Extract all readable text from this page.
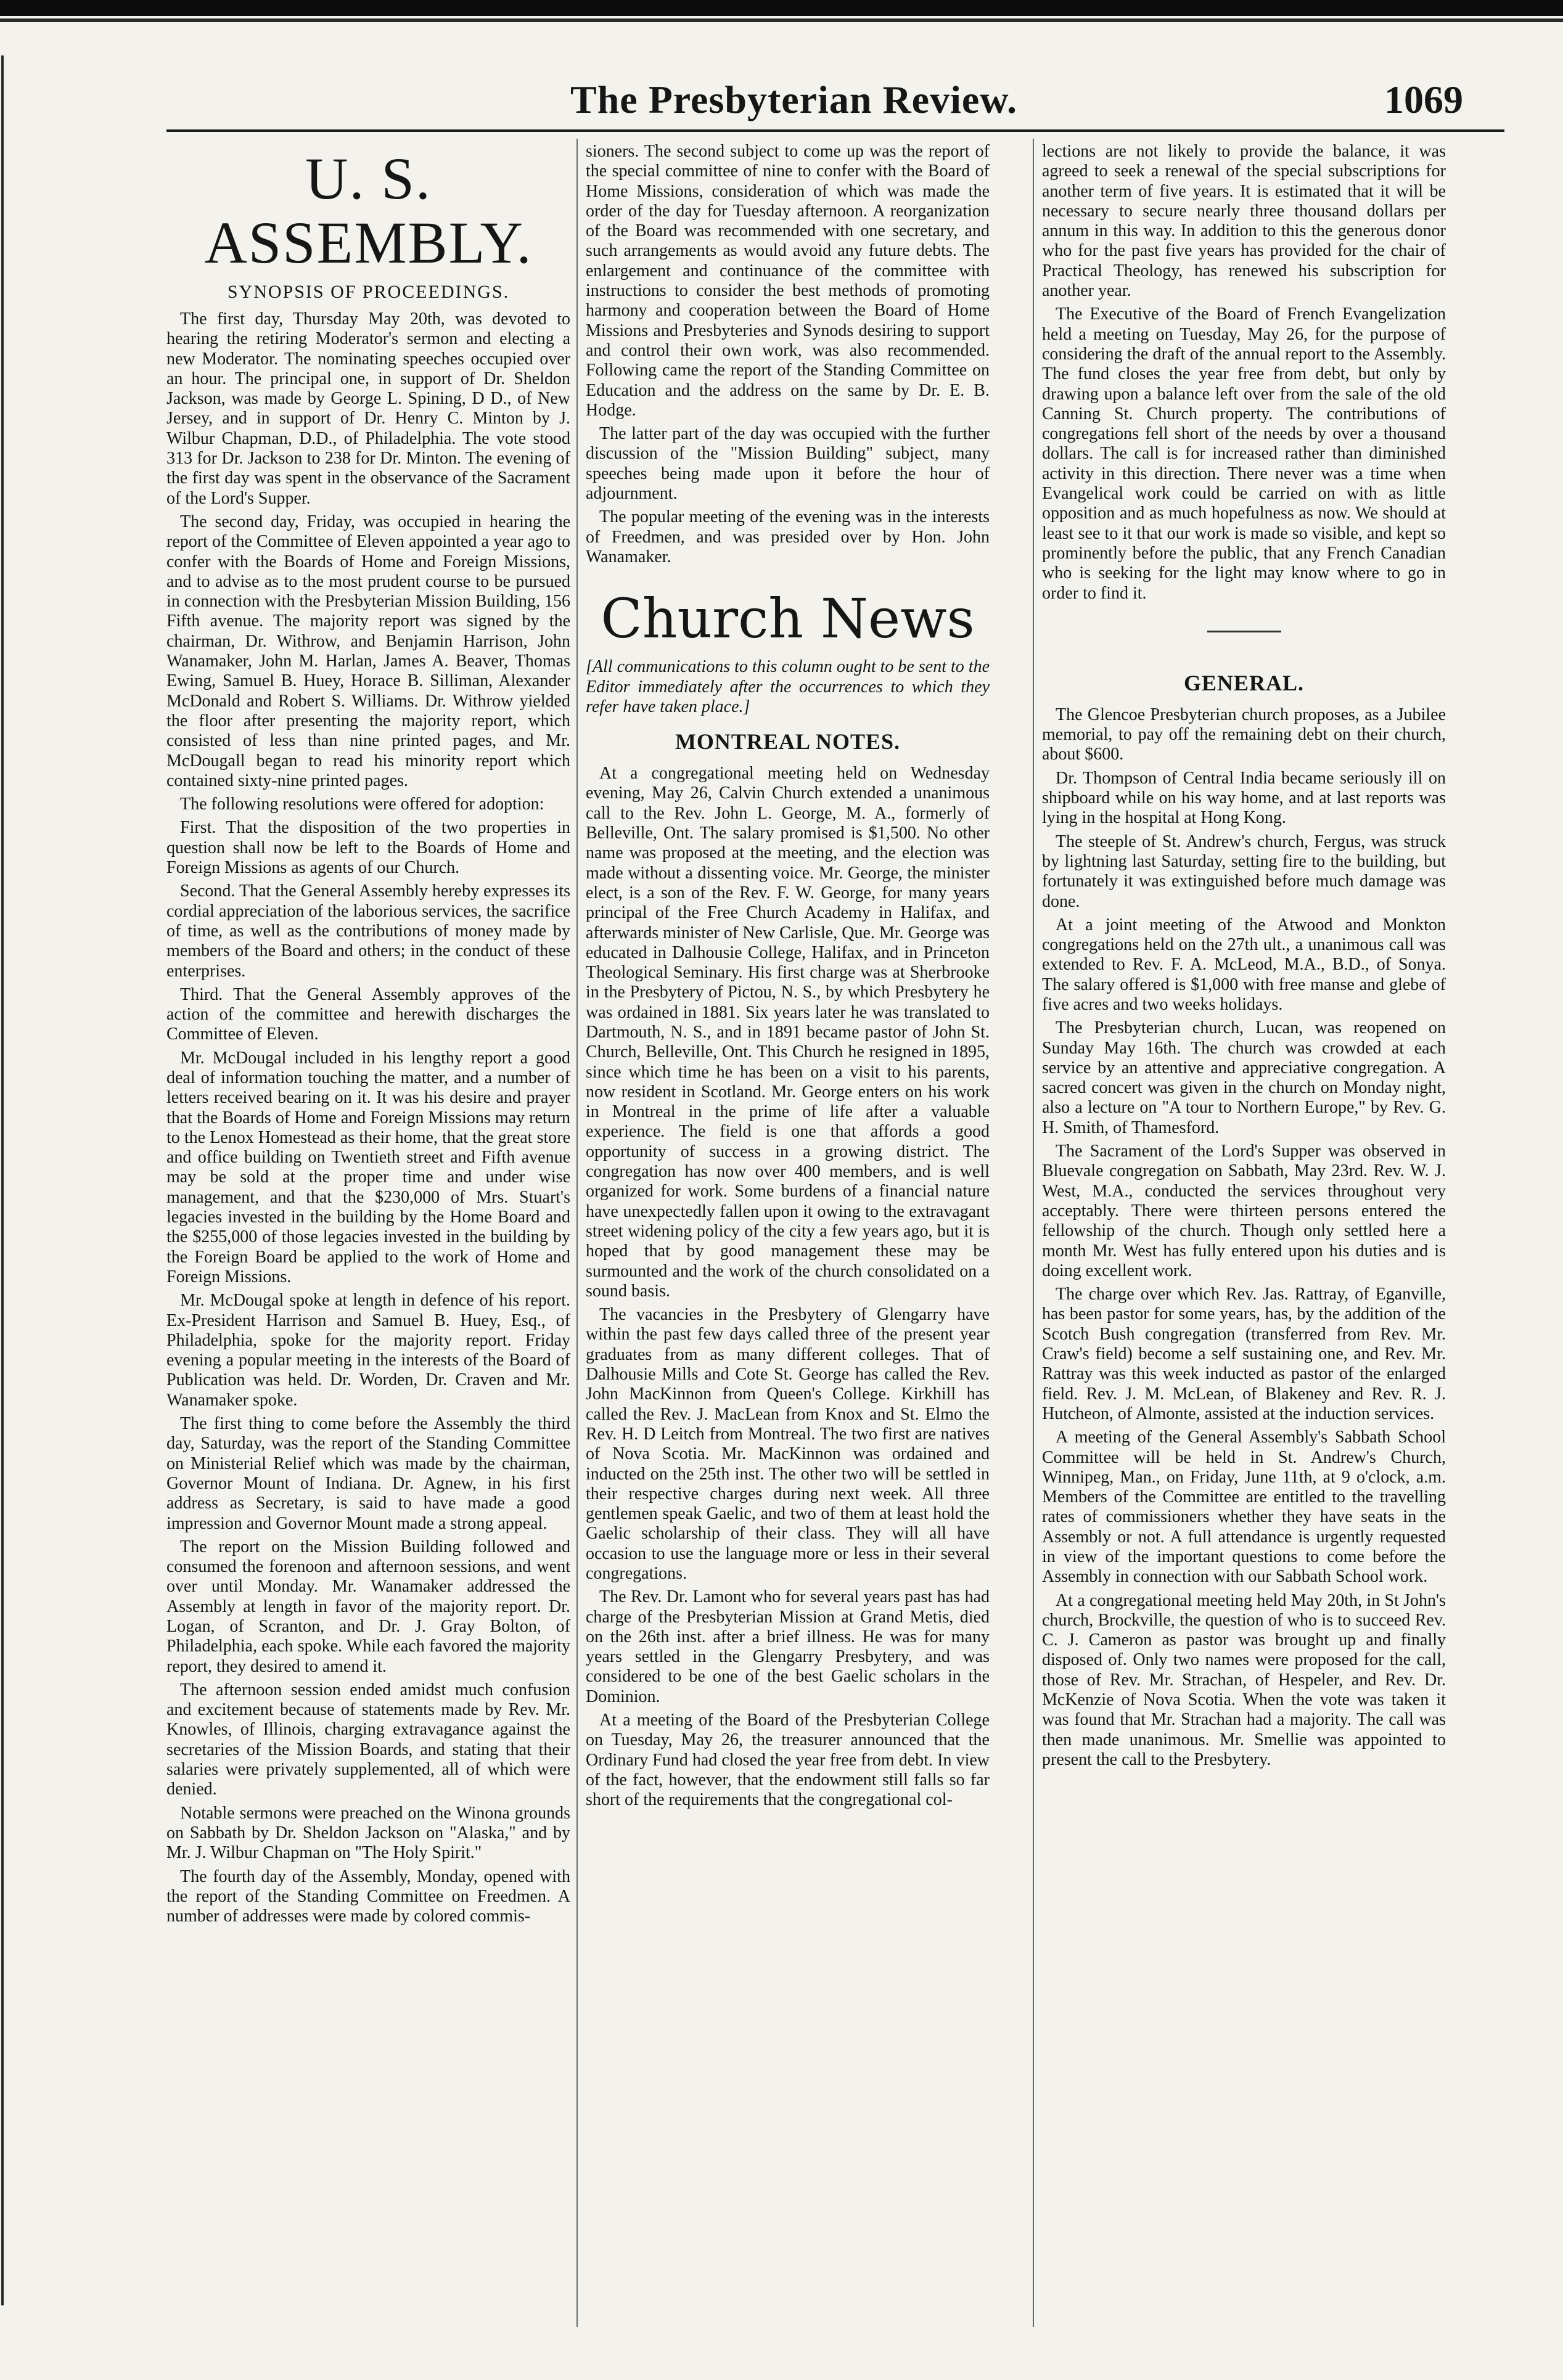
The Presbyterian Review.	1069
U. S. ASSEMBLY.
SYNOPSIS OF PROCEEDINGS.

The first day, Thursday May 20th, was devoted to hearing the retiring Moderator's sermon and electing a new Moderator. The nominating speeches occupied over an hour. The principal one, in support of Dr. Sheldon Jackson, was made by George L. Spining, D D., of New Jersey, and in support of Dr. Henry C. Minton by J. Wilbur Chapman, D.D., of Philadelphia. The vote stood 313 for Dr. Jackson to 238 for Dr. Minton. The evening of the first day was spent in the observance of the Sacrament of the Lord's Supper.

The second day, Friday, was occupied in hearing the report of the Committee of Eleven appointed a year ago to confer with the Boards of Home and Foreign Missions, and to advise as to the most prudent course to be pursued in connection with the Presbyterian Mission Building, 156 Fifth avenue. The majority report was signed by the chairman, Dr. Withrow, and Benjamin Harrison, John Wanamaker, John M. Harlan, James A. Beaver, Thomas Ewing, Samuel B. Huey, Horace B. Silliman, Alexander McDonald and Robert S. Williams. Dr. Withrow yielded the floor after presenting the majority report, which consisted of less than nine printed pages, and Mr. McDougall began to read his minority report which contained sixty-nine printed pages.

The following resolutions were offered for adoption:

First. That the disposition of the two properties in question shall now be left to the Boards of Home and Foreign Missions as agents of our Church.

Second. That the General Assembly hereby expresses its cordial appreciation of the laborious services, the sacrifice of time, as well as the contributions of money made by members of the Board and others; in the conduct of these enterprises.

Third. That the General Assembly approves of the action of the committee and herewith discharges the Committee of Eleven.

Mr. McDougal included in his lengthy report a good deal of information touching the matter, and a number of letters received bearing on it. It was his desire and prayer that the Boards of Home and Foreign Missions may return to the Lenox Homestead as their home, that the great store and office building on Twentieth street and Fifth avenue may be sold at the proper time and under wise management, and that the $230,000 of Mrs. Stuart's legacies invested in the building by the Home Board and the $255,000 of those legacies invested in the building by the Foreign Board be applied to the work of Home and Foreign Missions.

Mr. McDougal spoke at length in defence of his report. Ex-President Harrison and Samuel B. Huey, Esq., of Philadelphia, spoke for the majority report. Friday evening a popular meeting in the interests of the Board of Publication was held. Dr. Worden, Dr. Craven and Mr. Wanamaker spoke.

The first thing to come before the Assembly the third day, Saturday, was the report of the Standing Committee on Ministerial Relief which was made by the chairman, Governor Mount of Indiana. Dr. Agnew, in his first address as Secretary, is said to have made a good impression and Governor Mount made a strong appeal.

The report on the Mission Building followed and consumed the forenoon and afternoon sessions, and went over until Monday. Mr. Wanamaker addressed the Assembly at length in favor of the majority report. Dr. Logan, of Scranton, and Dr. J. Gray Bolton, of Philadelphia, each spoke. While each favored the majority report, they desired to amend it.

The afternoon session ended amidst much confusion and excitement because of statements made by Rev. Mr. Knowles, of Illinois, charging extravagance against the secretaries of the Mission Boards, and stating that their salaries were privately supplemented, all of which were denied.

Notable sermons were preached on the Winona grounds on Sabbath by Dr. Sheldon Jackson on "Alaska," and by Mr. J. Wilbur Chapman on "The Holy Spirit."

The fourth day of the Assembly, Monday, opened with the report of the Standing Committee on Freedmen. A number of addresses were made by colored commis-

sioners. The second subject to come up was the report of the special committee of nine to confer with the Board of Home Missions, consideration of which was made the order of the day for Tuesday afternoon. A reorganization of the Board was recommended with one secretary, and such arrangements as would avoid any future debts. The enlargement and continuance of the committee with instructions to consider the best methods of promoting harmony and cooperation between the Board of Home Missions and Presbyteries and Synods desiring to support and control their own work, was also recommended. Following came the report of the Standing Committee on Education and the address on the same by Dr. E. B. Hodge.

The latter part of the day was occupied with the further discussion of the "Mission Building" subject, many speeches being made upon it before the hour of adjournment.

The popular meeting of the evening was in the interests of Freedmen, and was presided over by Hon. John Wanamaker.

Church News
[All communications to this column ought to be sent to the Editor immediately after the occurrences to which they refer have taken place.]
MONTREAL NOTES.

At a congregational meeting held on Wednesday evening, May 26, Calvin Church extended a unanimous call to the Rev. John L. George, M. A., formerly of Belleville, Ont. The salary promised is $1,500. No other name was proposed at the meeting, and the election was made without a dissenting voice. Mr. George, the minister elect, is a son of the Rev. F. W. George, for many years principal of the Free Church Academy in Halifax, and afterwards minister of New Carlisle, Que. Mr. George was educated in Dalhousie College, Halifax, and in Princeton Theological Seminary. His first charge was at Sherbrooke in the Presbytery of Pictou, N. S., by which Presbytery he was ordained in 1881. Six years later he was translated to Dartmouth, N. S., and in 1891 became pastor of John St. Church, Belleville, Ont. This Church he resigned in 1895, since which time he has been on a visit to his parents, now resident in Scotland. Mr. George enters on his work in Montreal in the prime of life after a valuable experience. The field is one that affords a good opportunity of success in a growing district. The congregation has now over 400 members, and is well organized for work. Some burdens of a financial nature have unexpectedly fallen upon it owing to the extravagant street widening policy of the city a few years ago, but it is hoped that by good management these may be surmounted and the work of the church consolidated on a sound basis.

The vacancies in the Presbytery of Glengarry have within the past few days called three of the present year graduates from as many different colleges. That of Dalhousie Mills and Cote St. George has called the Rev. John MacKinnon from Queen's College. Kirkhill has called the Rev. J. MacLean from Knox and St. Elmo the Rev. H. D Leitch from Montreal. The two first are natives of Nova Scotia. Mr. MacKinnon was ordained and inducted on the 25th inst. The other two will be settled in their respective charges during next week. All three gentlemen speak Gaelic, and two of them at least hold the Gaelic scholarship of their class. They will all have occasion to use the language more or less in their several congregations.

The Rev. Dr. Lamont who for several years past has had charge of the Presbyterian Mission at Grand Metis, died on the 26th inst. after a brief illness. He was for many years settled in the Glengarry Presbytery, and was considered to be one of the best Gaelic scholars in the Dominion.

At a meeting of the Board of the Presbyterian College on Tuesday, May 26, the treasurer announced that the Ordinary Fund had closed the year free from debt. In view of the fact, however, that the endowment still falls so far short of the requirements that the congregational col-

lections are not likely to provide the balance, it was agreed to seek a renewal of the special subscriptions for another term of five years. It is estimated that it will be necessary to secure nearly three thousand dollars per annum in this way. In addition to this the generous donor who for the past five years has provided for the chair of Practical Theology, has renewed his subscription for another year.

The Executive of the Board of French Evangelization held a meeting on Tuesday, May 26, for the purpose of considering the draft of the annual report to the Assembly. The fund closes the year free from debt, but only by drawing upon a balance left over from the sale of the old Canning St. Church property. The contributions of congregations fell short of the needs by over a thousand dollars. The call is for increased rather than diminished activity in this direction. There never was a time when Evangelical work could be carried on with as little opposition and as much hopefulness as now. We should at least see to it that our work is made so visible, and kept so prominently before the public, that any French Canadian who is seeking for the light may know where to go in order to find it.

GENERAL.

The Glencoe Presbyterian church proposes, as a Jubilee memorial, to pay off the remaining debt on their church, about $600.

Dr. Thompson of Central India became seriously ill on shipboard while on his way home, and at last reports was lying in the hospital at Hong Kong.

The steeple of St. Andrew's church, Fergus, was struck by lightning last Saturday, setting fire to the building, but fortunately it was extinguished before much damage was done.

At a joint meeting of the Atwood and Monkton congregations held on the 27th ult., a unanimous call was extended to Rev. F. A. McLeod, M.A., B.D., of Sonya. The salary offered is $1,000 with free manse and glebe of five acres and two weeks holidays.

The Presbyterian church, Lucan, was reopened on Sunday May 16th. The church was crowded at each service by an attentive and appreciative congregation. A sacred concert was given in the church on Monday night, also a lecture on "A tour to Northern Europe," by Rev. G. H. Smith, of Thamesford.

The Sacrament of the Lord's Supper was observed in Bluevale congregation on Sabbath, May 23rd. Rev. W. J. West, M.A., conducted the services throughout very acceptably. There were thirteen persons entered the fellowship of the church. Though only settled here a month Mr. West has fully entered upon his duties and is doing excellent work.

The charge over which Rev. Jas. Rattray, of Eganville, has been pastor for some years, has, by the addition of the Scotch Bush congregation (transferred from Rev. Mr. Craw's field) become a self sustaining one, and Rev. Mr. Rattray was this week inducted as pastor of the enlarged field. Rev. J. M. McLean, of Blakeney and Rev. R. J. Hutcheon, of Almonte, assisted at the induction services.

A meeting of the General Assembly's Sabbath School Committee will be held in St. Andrew's Church, Winnipeg, Man., on Friday, June 11th, at 9 o'clock, a.m. Members of the Committee are entitled to the travelling rates of commissioners whether they have seats in the Assembly or not. A full attendance is urgently requested in view of the important questions to come before the Assembly in connection with our Sabbath School work.

At a congregational meeting held May 20th, in St John's church, Brockville, the question of who is to succeed Rev. C. J. Cameron as pastor was brought up and finally disposed of. Only two names were proposed for the call, those of Rev. Mr. Strachan, of Hespeler, and Rev. Dr. McKenzie of Nova Scotia. When the vote was taken it was found that Mr. Strachan had a majority. The call was then made unanimous. Mr. Smellie was appointed to present the call to the Presbytery.
